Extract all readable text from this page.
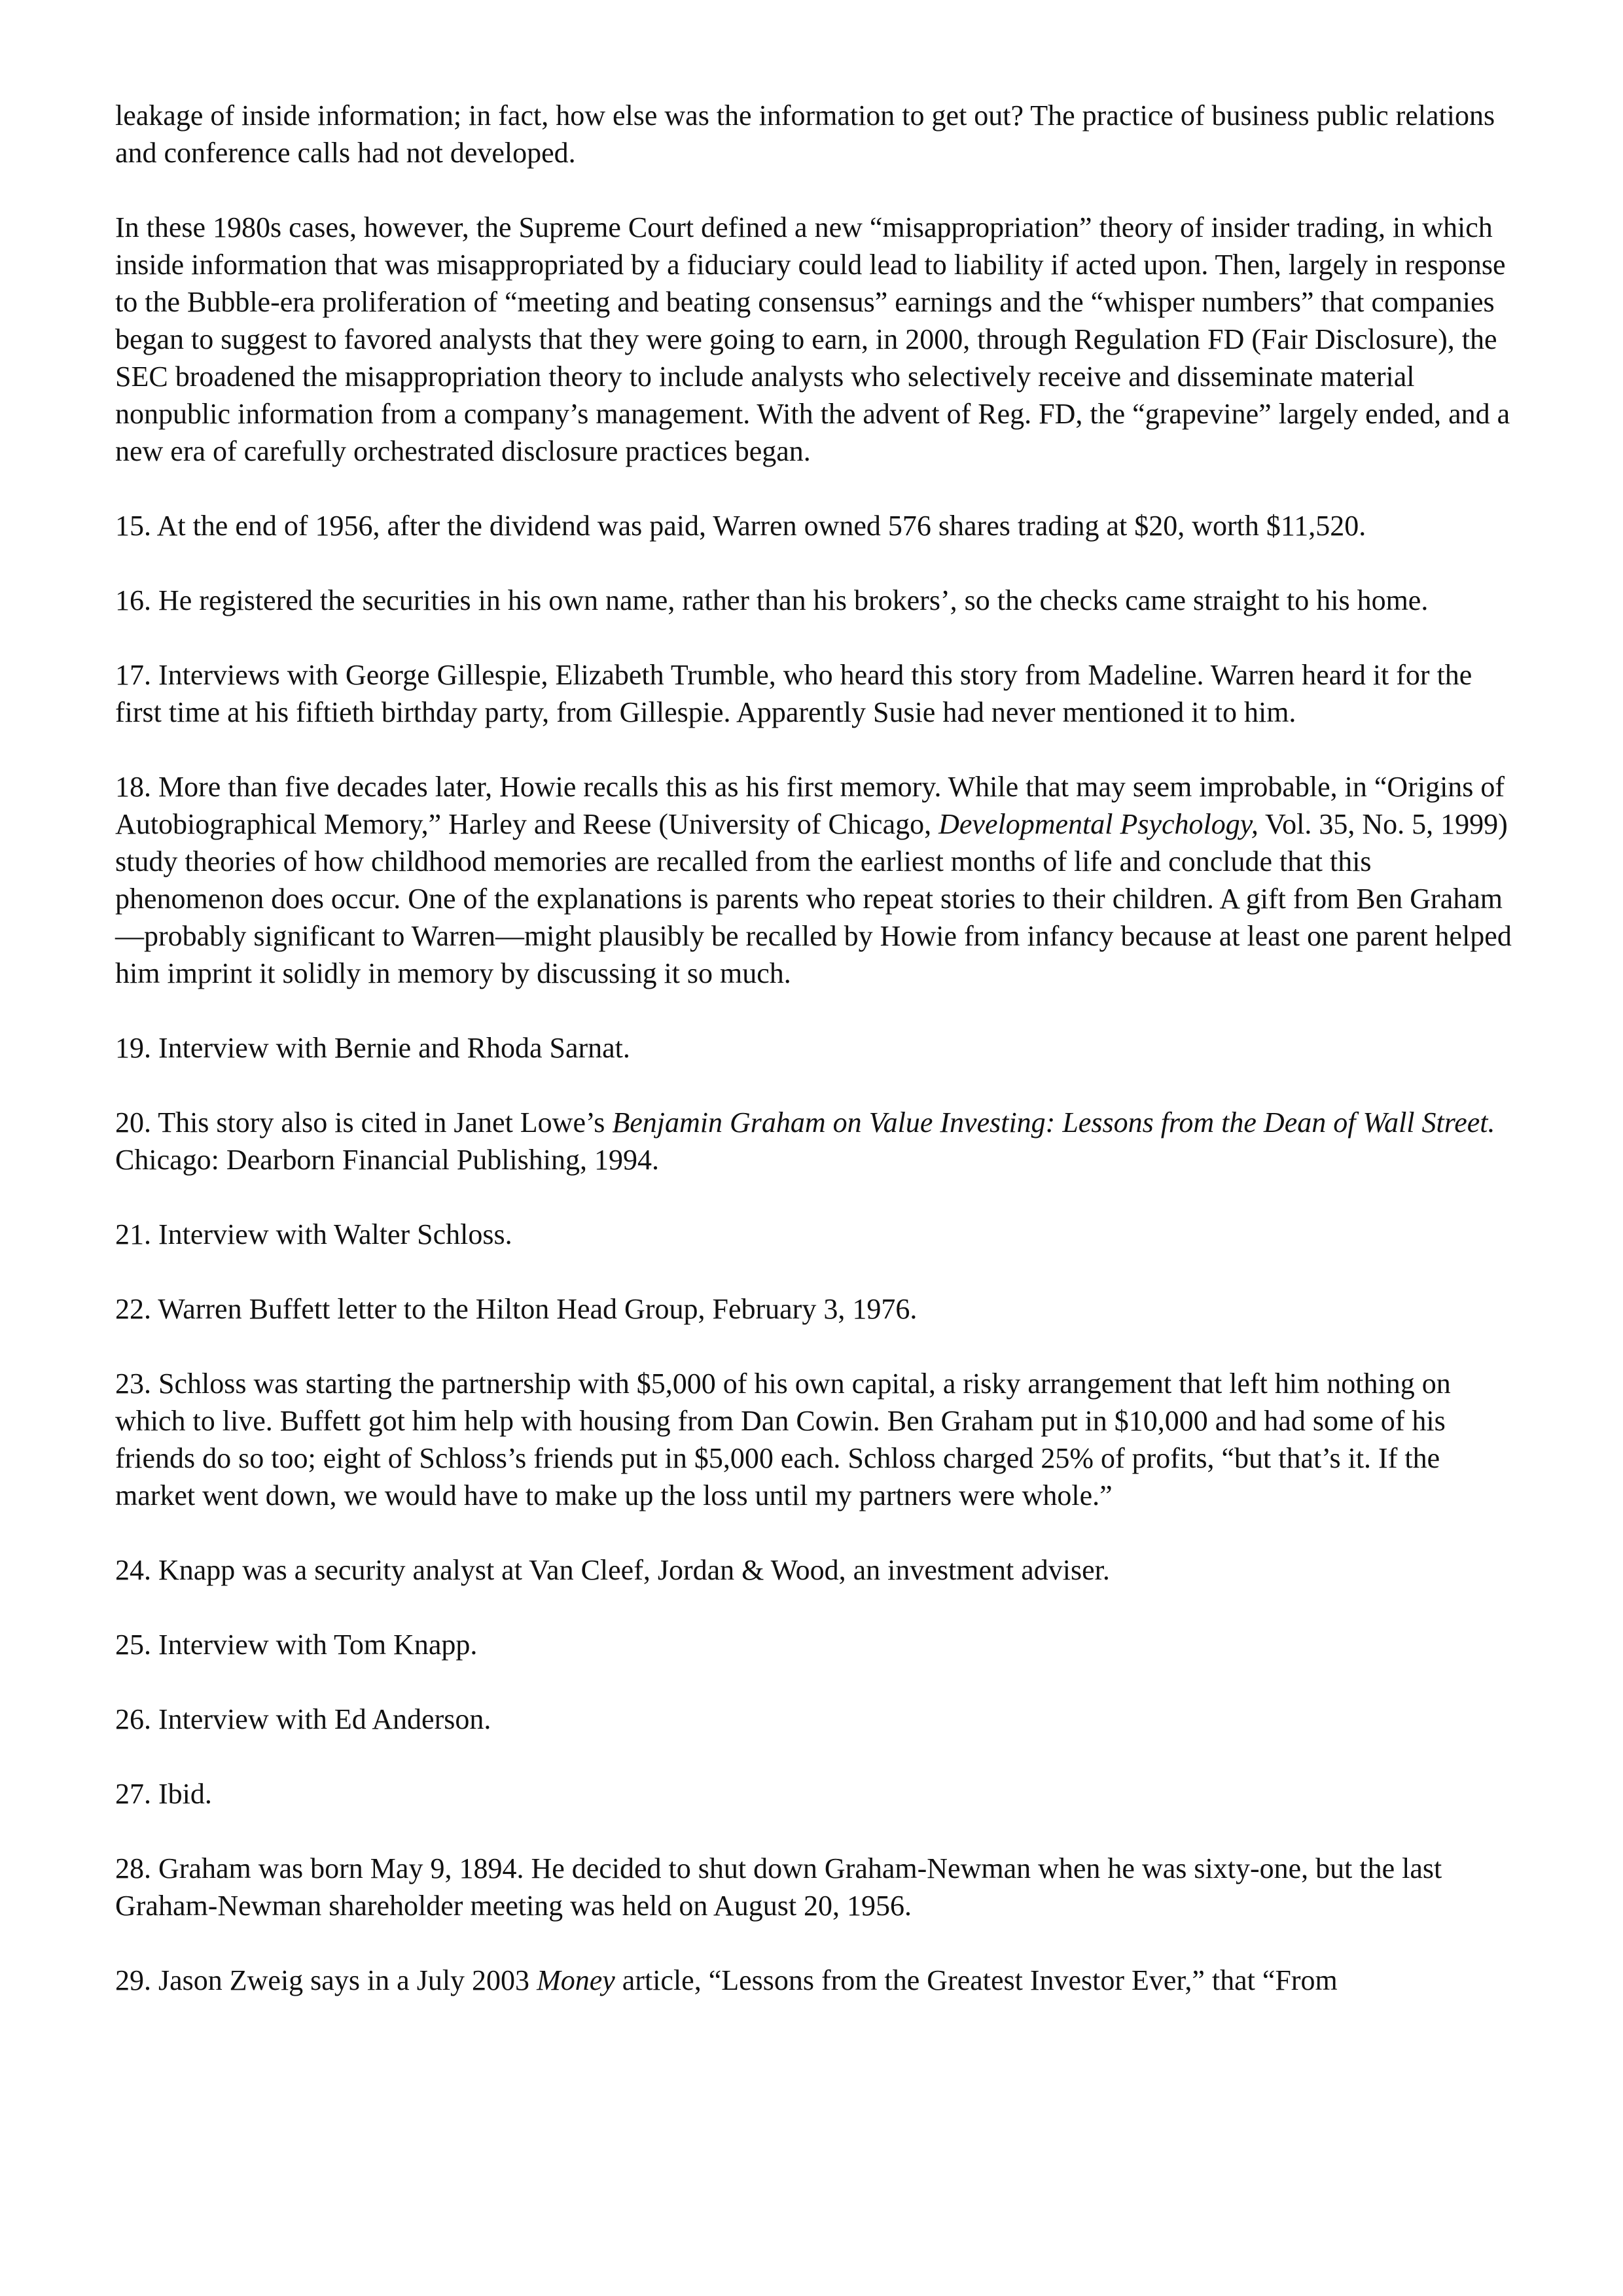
leakage of inside information; in fact, how else was the information to get out? The practice of business public relations and conference calls had not developed.

In these 1980s cases, however, the Supreme Court defined a new “misappropriation” theory of insider trading, in which inside information that was misappropriated by a fiduciary could lead to liability if acted upon. Then, largely in response to the Bubble-era proliferation of “meeting and beating consensus” earnings and the “whisper numbers” that companies began to suggest to favored analysts that they were going to earn, in 2000, through Regulation FD (Fair Disclosure), the SEC broadened the misappropriation theory to include analysts who selectively receive and disseminate material nonpublic information from a company’s management. With the advent of Reg. FD, the “grapevine” largely ended, and a new era of carefully orchestrated disclosure practices began.

15. At the end of 1956, after the dividend was paid, Warren owned 576 shares trading at $20, worth $11,520.

16. He registered the securities in his own name, rather than his brokers’, so the checks came straight to his home.

17. Interviews with George Gillespie, Elizabeth Trumble, who heard this story from Madeline. Warren heard it for the first time at his fiftieth birthday party, from Gillespie. Apparently Susie had never mentioned it to him.

18. More than five decades later, Howie recalls this as his first memory. While that may seem improbable, in “Origins of Autobiographical Memory,” Harley and Reese (University of Chicago, Developmental Psychology, Vol. 35, No. 5, 1999) study theories of how childhood memories are recalled from the earliest months of life and conclude that this phenomenon does occur. One of the explanations is parents who repeat stories to their children. A gift from Ben Graham—probably significant to Warren—might plausibly be recalled by Howie from infancy because at least one parent helped him imprint it solidly in memory by discussing it so much.

19. Interview with Bernie and Rhoda Sarnat.

20. This story also is cited in Janet Lowe’s Benjamin Graham on Value Investing: Lessons from the Dean of Wall Street. Chicago: Dearborn Financial Publishing, 1994.

21. Interview with Walter Schloss.

22. Warren Buffett letter to the Hilton Head Group, February 3, 1976.

23. Schloss was starting the partnership with $5,000 of his own capital, a risky arrangement that left him nothing on which to live. Buffett got him help with housing from Dan Cowin. Ben Graham put in $10,000 and had some of his friends do so too; eight of Schloss’s friends put in $5,000 each. Schloss charged 25% of profits, “but that’s it. If the market went down, we would have to make up the loss until my partners were whole.”

24. Knapp was a security analyst at Van Cleef, Jordan & Wood, an investment adviser.

25. Interview with Tom Knapp.

26. Interview with Ed Anderson.

27. Ibid.

28. Graham was born May 9, 1894. He decided to shut down Graham-Newman when he was sixty-one, but the last Graham-Newman shareholder meeting was held on August 20, 1956.

29. Jason Zweig says in a July 2003 Money article, “Lessons from the Greatest Investor Ever,” that “From
